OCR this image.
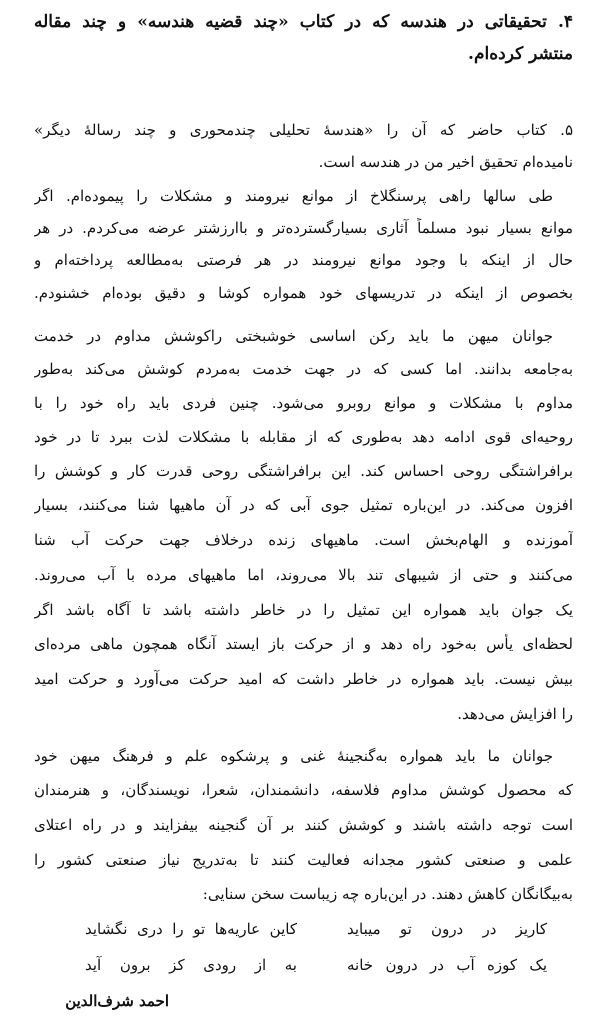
۴. تحقیقاتی در هندسه که در کتاب «چند قضیه هندسه» و چند مقاله
منتشر کرده‌ام.
۵. کتاب حاضر که آن را «هندسهٔ تحلیلی چندمحوری و چند رسالهٔ دیگر»
نامیده‌ام تحقیق اخیر من در هندسه است.
طی سالها راهی پرسنگلاخ از موانع نیرومند و مشکلات را پیموده‌ام. اگر
موانع بسیار نبود مسلماً آثاری بسیارگسترده‌تر و باارزشتر عرضه می‌کردم. در هر
حال از اینکه با وجود موانع نیرومند در هر فرصتی به‌مطالعه پرداخته‌ام و
بخصوص از اینکه در تدریسهای خود همواره کوشا و دقیق بوده‌ام خشنودم.
جوانان میهن ما باید رکن اساسی خوشبختی راکوشش مداوم در خدمت
به‌جامعه بدانند. اما کسی که در جهت خدمت به‌مردم کوشش می‌کند به‌طور
مداوم با مشکلات و موانع روبرو می‌شود. چنین فردی باید راه خود را با
روحیه‌ای قوی ادامه دهد به‌طوری که از مقابله با مشکلات لذت ببرد تا در خود
برافراشتگی روحی احساس کند. این برافراشتگی روحی قدرت کار و کوشش را
افزون می‌کند. در این‌باره تمثیل جوی آبی که در آن ماهیها شنا می‌کنند، بسیار
آموزنده و الهام‌بخش است. ماهیهای زنده درخلاف جهت حرکت آب شنا
می‌کنند و حتی از شیبهای تند بالا می‌روند، اما ماهیهای مرده با آب می‌روند.
یک جوان باید همواره این تمثیل را در خاطر داشته باشد تا آگاه باشد اگر
لحظه‌ای یأس به‌خود راه دهد و از حرکت باز ایستد آنگاه همچون ماهی مرده‌ای
بیش نیست. باید همواره در خاطر داشت که امید حرکت می‌آورد و حرکت امید
را افزایش می‌دهد.
جوانان ما باید همواره به‌گنجینهٔ غنی و پرشکوه علم و فرهنگ میهن خود
که محصول کوشش مداوم فلاسفه، دانشمندان، شعرا، نویسندگان، و هنرمندان
است توجه داشته باشند و کوشش کنند بر آن گنجینه بیفزایند و در راه اعتلای
علمی و صنعتی کشور مجدانه فعالیت کنند تا به‌تدریج نیاز صنعتی کشور را
به‌بیگانگان کاهش دهند. در این‌باره چه زیباست سخن سنایی:
کاریز در درون تو میباید
کاین عاریه‌ها تو را دری نگشاید
یک کوزه آب در درون خانه
به از رودی کز برون آید
احمد شرف‌الدین
